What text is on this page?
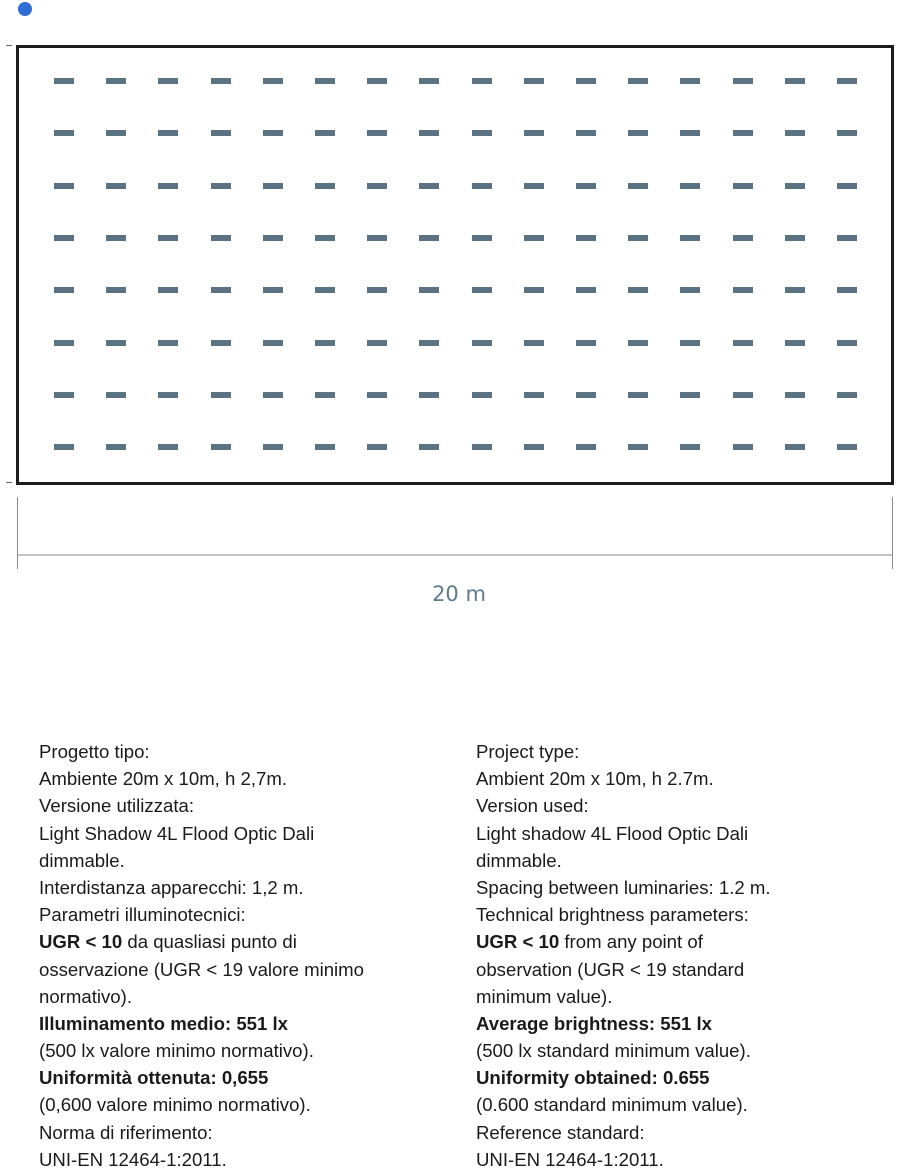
20 m
Progetto tipo:
Ambiente 20m x 10m, h 2,7m.
Versione utilizzata:
Light Shadow 4L Flood Optic Dali
dimmable.
Interdistanza apparecchi: 1,2 m.
Parametri illuminotecnici:
UGR < 10 da quasliasi punto di
osservazione (UGR < 19 valore minimo
normativo).
Illuminamento medio: 551 lx
(500 lx valore minimo normativo).
Uniformità ottenuta: 0,655
(0,600 valore minimo normativo).
Norma di riferimento:
UNI-EN 12464-1:2011.
Project type:
Ambient 20m x 10m, h 2.7m.
Version used:
Light shadow 4L Flood Optic Dali
dimmable.
Spacing between luminaries: 1.2 m.
Technical brightness parameters:
UGR < 10 from any point of
observation (UGR < 19 standard
minimum value).
Average brightness: 551 lx
(500 lx standard minimum value).
Uniformity obtained: 0.655
(0.600 standard minimum value).
Reference standard:
UNI-EN 12464-1:2011.
